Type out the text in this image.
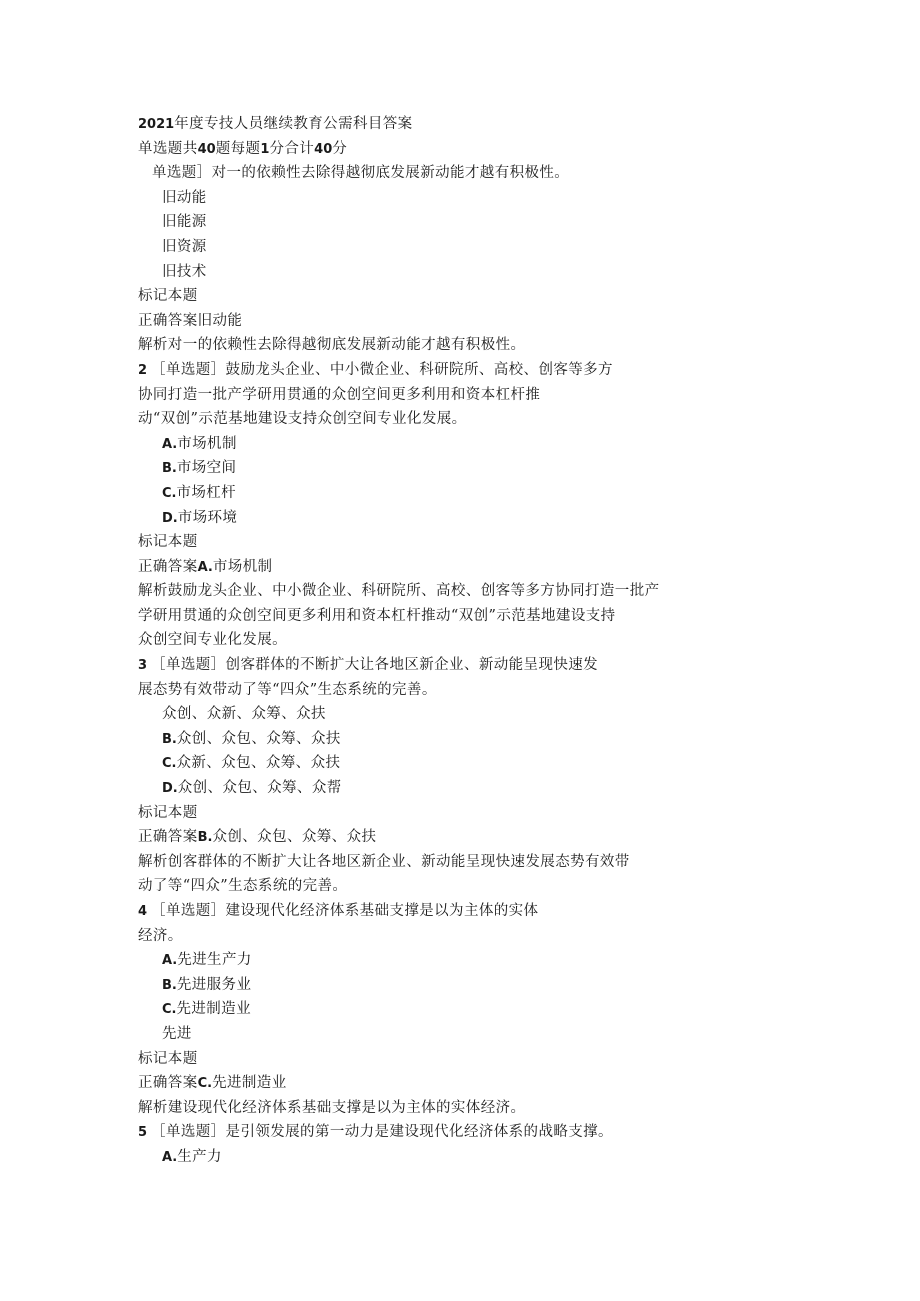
2021年度专技人员继续教育公需科目答案
单选题共40题每题1分合计40分
单选题］对一的依赖性去除得越彻底发展新动能才越有积极性。
旧动能
旧能源
旧资源
旧技术
标记本题
正确答案旧动能
解析对一的依赖性去除得越彻底发展新动能才越有积极性。
2 ［单选题］鼓励龙头企业、中小微企业、科研院所、高校、创客等多方
协同打造一批产学研用贯通的众创空间更多利用和资本杠杆推
动“双创”示范基地建设支持众创空间专业化发展。
A.市场机制
B.市场空间
C.市场杠杆
D.市场环境
标记本题
正确答案A.市场机制
解析鼓励龙头企业、中小微企业、科研院所、高校、创客等多方协同打造一批产
学研用贯通的众创空间更多利用和资本杠杆推动“双创”示范基地建设支持
众创空间专业化发展。
3 ［单选题］创客群体的不断扩大让各地区新企业、新动能呈现快速发
展态势有效带动了等“四众”生态系统的完善。
众创、众新、众筹、众扶
B.众创、众包、众筹、众扶
C.众新、众包、众筹、众扶
D.众创、众包、众筹、众帮
标记本题
正确答案B.众创、众包、众筹、众扶
解析创客群体的不断扩大让各地区新企业、新动能呈现快速发展态势有效带
动了等“四众”生态系统的完善。
4 ［单选题］建设现代化经济体系基础支撑是以为主体的实体
经济。
A.先进生产力
B.先进服务业
C.先进制造业
先进
标记本题
正确答案C.先进制造业
解析建设现代化经济体系基础支撑是以为主体的实体经济。
5 ［单选题］是引领发展的第一动力是建设现代化经济体系的战略支撑。
A.生产力
